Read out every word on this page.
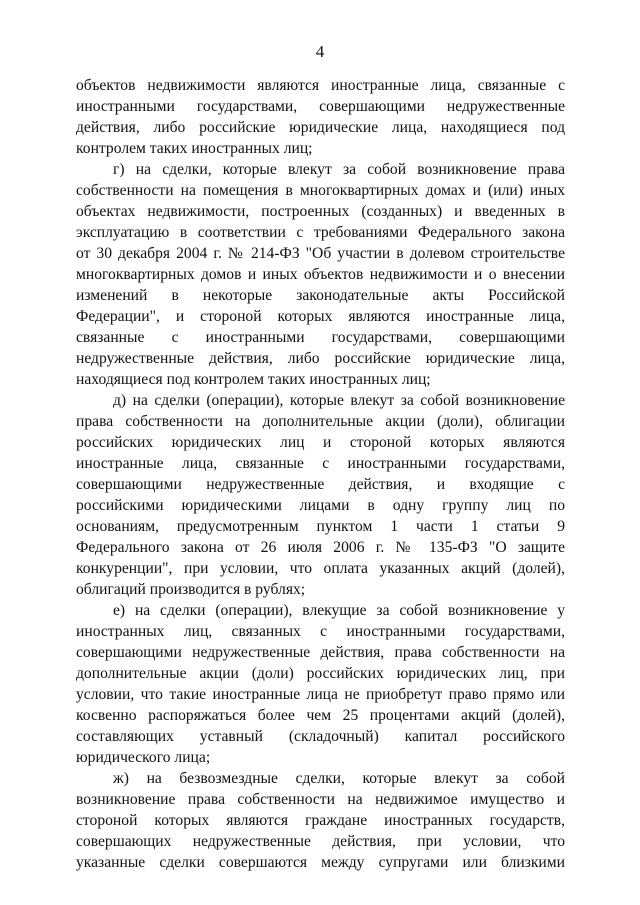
4
объектов недвижимости являются иностранные лица, связанные с
иностранными государствами, совершающими недружественные
действия, либо российские юридические лица, находящиеся под
контролем таких иностранных лиц;
г) на сделки, которые влекут за собой возникновение права
собственности на помещения в многоквартирных домах и (или) иных
объектах недвижимости, построенных (созданных) и введенных в
эксплуатацию в соответствии с требованиями Федерального закона
от 30 декабря 2004 г. № 214-ФЗ "Об участии в долевом строительстве
многоквартирных домов и иных объектов недвижимости и о внесении
изменений в некоторые законодательные акты Российской
Федерации", и стороной которых являются иностранные лица,
связанные с иностранными государствами, совершающими
недружественные действия, либо российские юридические лица,
находящиеся под контролем таких иностранных лиц;
д) на сделки (операции), которые влекут за собой возникновение
права собственности на дополнительные акции (доли), облигации
российских юридических лиц и стороной которых являются
иностранные лица, связанные с иностранными государствами,
совершающими недружественные действия, и входящие с
российскими юридическими лицами в одну группу лиц по
основаниям, предусмотренным пунктом 1 части 1 статьи 9
Федерального закона от 26 июля 2006 г. № 135-ФЗ "О защите
конкуренции", при условии, что оплата указанных акций (долей),
облигаций производится в рублях;
е) на сделки (операции), влекущие за собой возникновение у
иностранных лиц, связанных с иностранными государствами,
совершающими недружественные действия, права собственности на
дополнительные акции (доли) российских юридических лиц, при
условии, что такие иностранные лица не приобретут право прямо или
косвенно распоряжаться более чем 25 процентами акций (долей),
составляющих уставный (складочный) капитал российского
юридического лица;
ж) на безвозмездные сделки, которые влекут за собой
возникновение права собственности на недвижимое имущество и
стороной которых являются граждане иностранных государств,
совершающих недружественные действия, при условии, что
указанные сделки совершаются между супругами или близкими
